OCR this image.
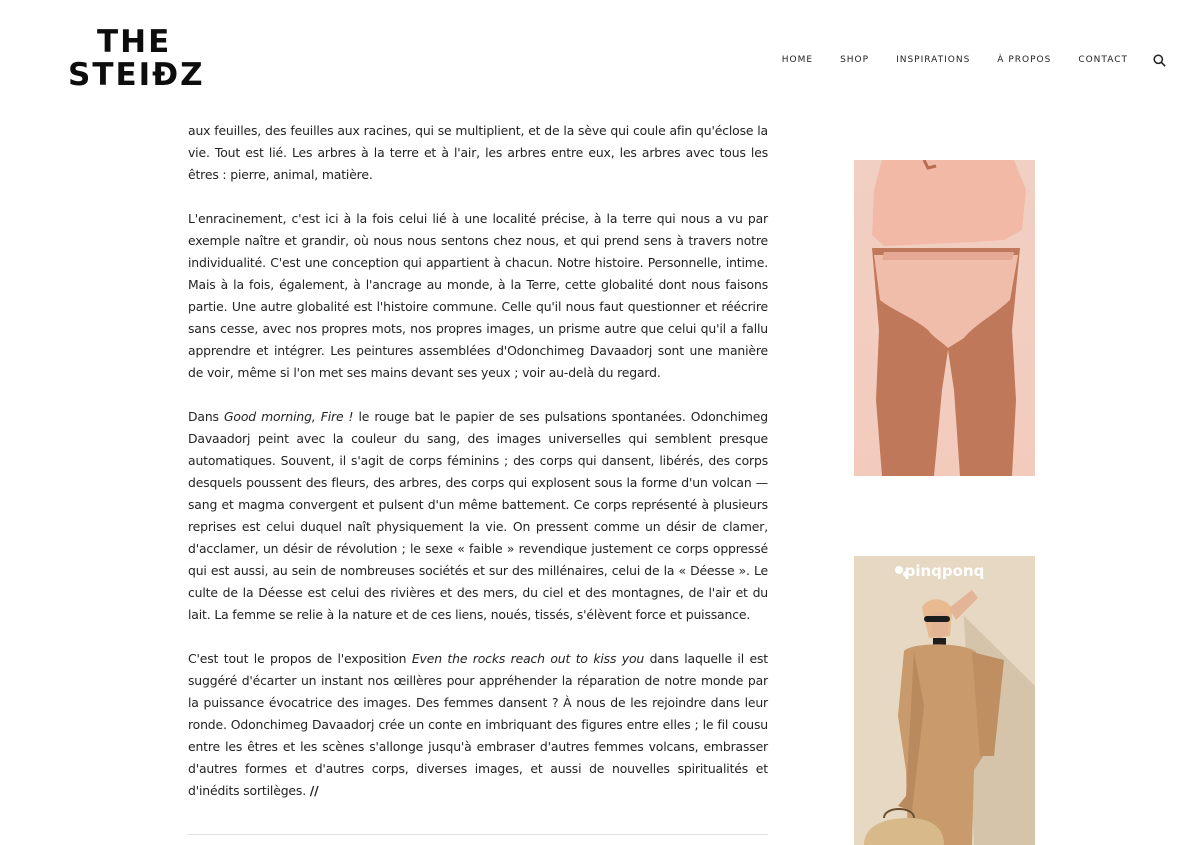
THE
STEIÐZ	HOME	SHOP	INSPIRATIONS	À PROPOS	CONTACT

aux feuilles, des feuilles aux racines, qui se multiplient, et de la sève qui coule afin qu'éclose la vie. Tout est lié. Les arbres à la terre et à l'air, les arbres entre eux, les arbres avec tous les êtres : pierre, animal, matière.

L'enracinement, c'est ici à la fois celui lié à une localité précise, à la terre qui nous a vu par exemple naître et grandir, où nous nous sentons chez nous, et qui prend sens à travers notre individualité. C'est une conception qui appartient à chacun. Notre histoire. Personnelle, intime. Mais à la fois, également, à l'ancrage au monde, à la Terre, cette globalité dont nous faisons partie. Une autre globalité est l'histoire commune. Celle qu'il nous faut questionner et réécrire sans cesse, avec nos propres mots, nos propres images, un prisme autre que celui qu'il a fallu apprendre et intégrer. Les peintures assemblées d'Odonchimeg Davaadorj sont une manière de voir, même si l'on met ses mains devant ses yeux ; voir au-delà du regard.

Dans Good morning, Fire ! le rouge bat le papier de ses pulsations spontanées. Odonchimeg Davaadorj peint avec la couleur du sang, des images universelles qui semblent presque automatiques. Souvent, il s'agit de corps féminins ; des corps qui dansent, libérés, des corps desquels poussent des fleurs, des arbres, des corps qui explosent sous la forme d'un volcan — sang et magma convergent et pulsent d'un même battement. Ce corps représenté à plusieurs reprises est celui duquel naît physiquement la vie. On pressent comme un désir de clamer, d'acclamer, un désir de révolution ; le sexe « faible » revendique justement ce corps oppressé qui est aussi, au sein de nombreuses sociétés et sur des millénaires, celui de la « Déesse ». Le culte de la Déesse est celui des rivières et des mers, du ciel et des montagnes, de l'air et du lait. La femme se relie à la nature et de ces liens, noués, tissés, s'élèvent force et puissance.

C'est tout le propos de l'exposition Even the rocks reach out to kiss you dans laquelle il est suggéré d'écarter un instant nos œillères pour appréhender la réparation de notre monde par la puissance évocatrice des images. Des femmes dansent ? À nous de les rejoindre dans leur ronde. Odonchimeg Davaadorj crée un conte en imbriquant des figures entre elles ; le fil cousu entre les êtres et les scènes s'allonge jusqu'à embraser d'autres femmes volcans, embrasser d'autres formes et d'autres corps, diverses images, et aussi de nouvelles spiritualités et d'inédits sortilèges. //

pinqponq
